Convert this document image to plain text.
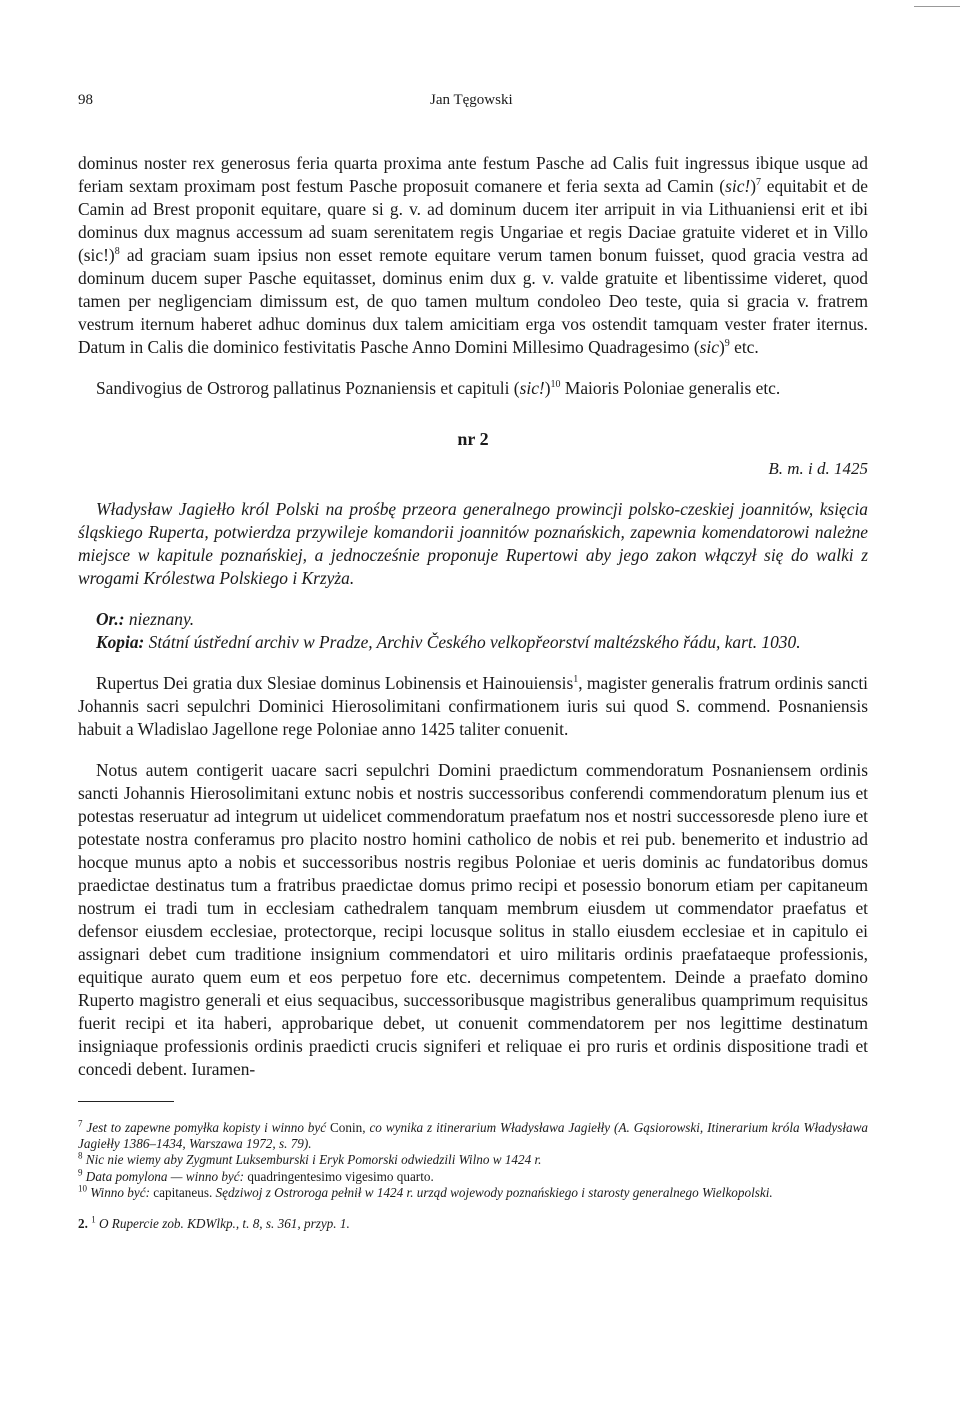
98	Jan Tęgowski

dominus noster rex generosus feria quarta proxima ante festum Pasche ad Calis fuit ingressus ibique usque ad feriam sextam proximam post festum Pasche proposuit comanere et feria sexta ad Camin $(sic!)^7$ equitabit et de Camin ad Brest proponit equitare, quare si g. v. ad dominum ducem iter arripuit in via Lithuaniensi erit et ibi dominus dux magnus accessum ad suam serenitatem regis Ungariae et regis Daciae gratuite videret et in Villo $(sic!)^8$ ad graciam suam ipsius non esset remote equitare verum tamen bonum fuisset, quod gracia vestra ad dominum ducem super Pasche equitasset, dominus enim dux g. v. valde gratuite et libentissime videret, quod tamen per negligenciam dimissum est, de quo tamen multum condoleo Deo teste, quia si gracia v. fratrem vestrum iternum haberet adhuc dominus dux talem amicitiam erga vos ostendit tamquam vester frater iternus. Datum in Calis die dominico festivitatis Pasche Anno Domini Millesimo Quadragesimo (sic)$^9$ etc.

Sandivogius de Ostrorog pallatinus Poznaniensis et capituli $(sic!)^{10}$ Maioris Poloniae generalis etc.

nr 2
B. m. i d. 1425

Władysław Jagiełło król Polski na prośbę przeora generalnego prowincji polsko-czeskiej joannitów, księcia śląskiego Ruperta, potwierdza przywileje komandorii joannitów poznańskich, zapewnia komendatorowi należne miejsce w kapitule poznańskiej, a jednocześnie proponuje Rupertowi aby jego zakon włączył się do walki z wrogami Królestwa Polskiego i Krzyża.

Or.: nieznany.

Kopia: Státní ústřední archiv w Pradze, Archiv Českého velkopřeorství maltézského řádu, kart. 1030.

Rupertus Dei gratia dux Slesiae dominus Lobinensis et Hainouiensis$^1$, magister generalis fratrum ordinis sancti Johannis sacri sepulchri Dominici Hierosolimitani confirmationem iuris sui quod S. commend. Posnaniensis habuit a Wladislao Jagellone rege Poloniae anno 1425 taliter conuenit.

Notus autem contigerit uacare sacri sepulchri Domini praedictum commendoratum Posnaniensem ordinis sancti Johannis Hierosolimitani extunc nobis et nostris successoribus conferendi commendoratum plenum ius et potestas reseruatur ad integrum ut uidelicet commendoratum praefatum nos et nostri successoresde pleno iure et potestate nostra conferamus pro placito nostro homini catholico de nobis et rei pub. benemerito et industrio ad hocque munus apto a nobis et successoribus nostris regibus Poloniae et ueris dominis ac fundatoribus domus praedictae destinatus tum a fratribus praedictae domus primo recipi et posessio bonorum etiam per capitaneum nostrum ei tradi tum in ecclesiam cathedralem tanquam membrum eiusdem ut commendator praefatus et defensor eiusdem ecclesiae, protectorque, recipi locusque solitus in stallo eiusdem ecclesiae et in capitulo ei assignari debet cum traditione insignium commendatori et uiro militaris ordinis praefataeque professionis, equitique aurato quem eum et eos perpetuo fore etc. decernimus competentem. Deinde a praefato domino Ruperto magistro generali et eius sequacibus, successoribusque magistribus generalibus quamprimum requisitus fuerit recipi et ita haberi, approbarique debet, ut conuenit commendatorem per nos legittime destinatum insigniaque professionis ordinis praedicti crucis signiferi et reliquae ei pro ruris et ordinis dispositione tradi et concedi debent. Iuramen-

$^7$ Jest to zapewne pomyłka kopisty i winno być Conin, co wynika z itinerarium Władysława Jagiełły (A. Gąsiorowski, Itinerarium króla Władysława Jagiełły 1386–1434, Warszawa 1972, s. 79).

$^8$ Nic nie wiemy aby Zygmunt Luksemburski i Eryk Pomorski odwiedzili Wilno w 1424 r.

$^9$ Data pomylona — winno być: quadringentesimo vigesimo quarto.

$^{10}$ Winno być: capitaneus. Sędziwoj z Ostroroga pełnił w 1424 r. urząd wojewody poznańskiego i starosty generalnego Wielkopolski.

2. $^1$ O Rupercie zob. KDWlkp., t. 8, s. 361, przyp. 1.
